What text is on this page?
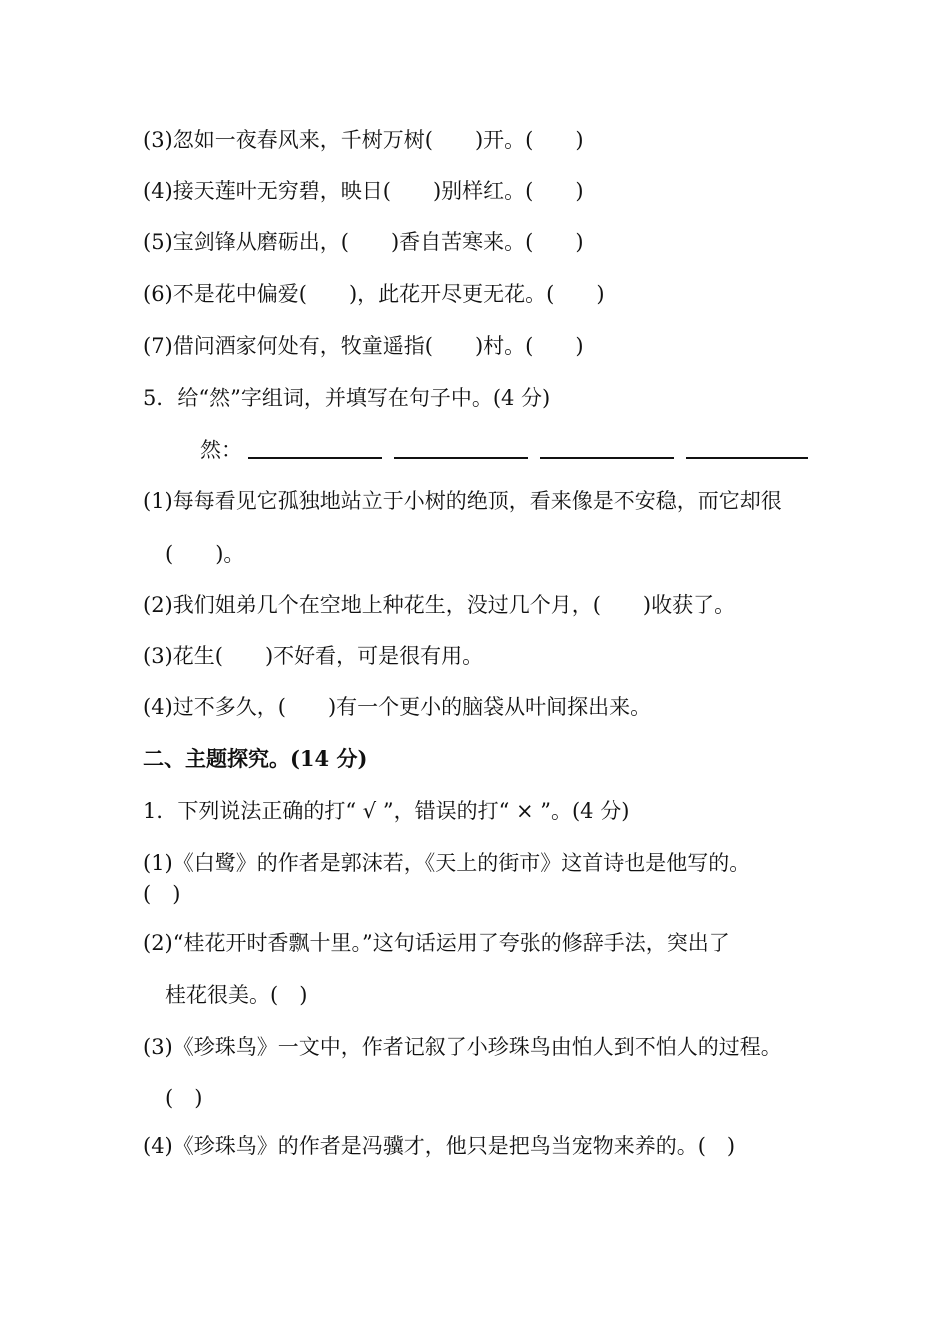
(3)忽如一夜春风来，千树万树(　　)开。(　　)

(4)接天莲叶无穷碧，映日(　　)别样红。(　　)

(5)宝剑锋从磨砺出，(　　)香自苦寒来。(　　)

(6)不是花中偏爱(　　)，此花开尽更无花。(　　)

(7)借问酒家何处有，牧童遥指(　　)村。(　　)

5．给“然”字组词，并填写在句子中。(4 分)

然：

(1)每每看见它孤独地站立于小树的绝顶，看来像是不安稳，而它却很

(　　)。

(2)我们姐弟几个在空地上种花生，没过几个月，(　　)收获了。

(3)花生(　　)不好看，可是很有用。

(4)过不多久，(　　)有一个更小的脑袋从叶间探出来。

二、主题探究。(14 分)

1．下列说法正确的打“ √ ”，错误的打“ × ”。(4 分)

(1)《白鹭》的作者是郭沫若，《天上的街市》这首诗也是他写的。

(　)

(2)“桂花开时香飘十里。”这句话运用了夸张的修辞手法，突出了

桂花很美。(　)

(3)《珍珠鸟》一文中，作者记叙了小珍珠鸟由怕人到不怕人的过程。

(　)

(4)《珍珠鸟》的作者是冯骥才，他只是把鸟当宠物来养的。(　)
